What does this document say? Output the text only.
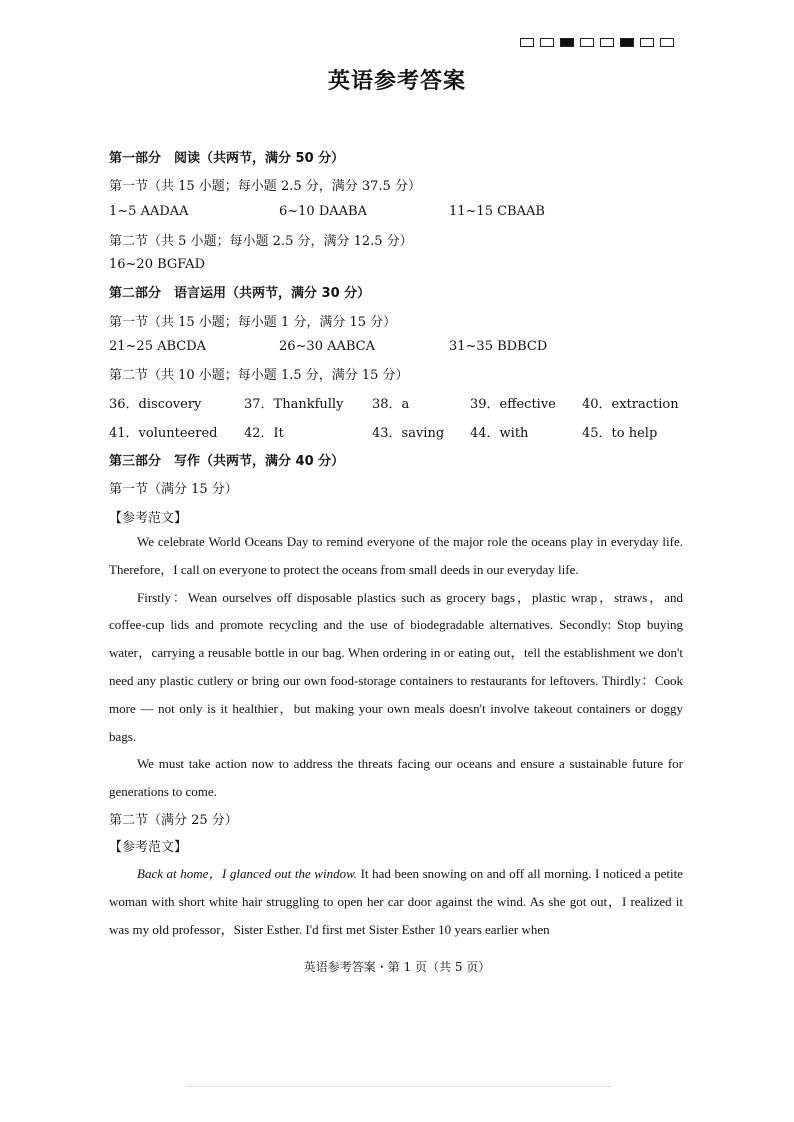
英语参考答案
第一部分　阅读（共两节，满分 50 分）
第一节（共 15 小题；每小题 2.5 分，满分 37.5 分）
1~5 AADAA	6~10 DAABA	11~15 CBAAB
第二节（共 5 小题；每小题 2.5 分，满分 12.5 分）
16~20 BGFAD
第二部分　语言运用（共两节，满分 30 分）
第一节（共 15 小题；每小题 1 分，满分 15 分）
21~25 ABCDA	26~30 AABCA	31~35 BDBCD
第二节（共 10 小题；每小题 1.5 分，满分 15 分）
36．discovery	37．Thankfully 38．a	39．effective 40．extraction
41．volunteered 42．It	43．saving 44．with	45．to help
第三部分　写作（共两节，满分 40 分）
第一节（满分 15 分）
【参考范文】
We celebrate World Oceans Day to remind everyone of the major role the oceans play in everyday life. Therefore，I call on everyone to protect the oceans from small deeds in our everyday life.
Firstly：Wean ourselves off disposable plastics such as grocery bags，plastic wrap，straws，and coffee-cup lids and promote recycling and the use of biodegradable alternatives. Secondly: Stop buying water，carrying a reusable bottle in our bag. When ordering in or eating out，tell the establishment we don't need any plastic cutlery or bring our own food-storage containers to restaurants for leftovers. Thirdly：Cook more — not only is it healthier，but making your own meals doesn't involve takeout containers or doggy bags.
We must take action now to address the threats facing our oceans and ensure a sustainable future for generations to come.
第二节（满分 25 分）
【参考范文】
Back at home，I glanced out the window. It had been snowing on and off all morning. I noticed a petite woman with short white hair struggling to open her car door against the wind. As she got out，I realized it was my old professor，Sister Esther. I'd first met Sister Esther 10 years earlier when
英语参考答案・第 1 页（共 5 页）
